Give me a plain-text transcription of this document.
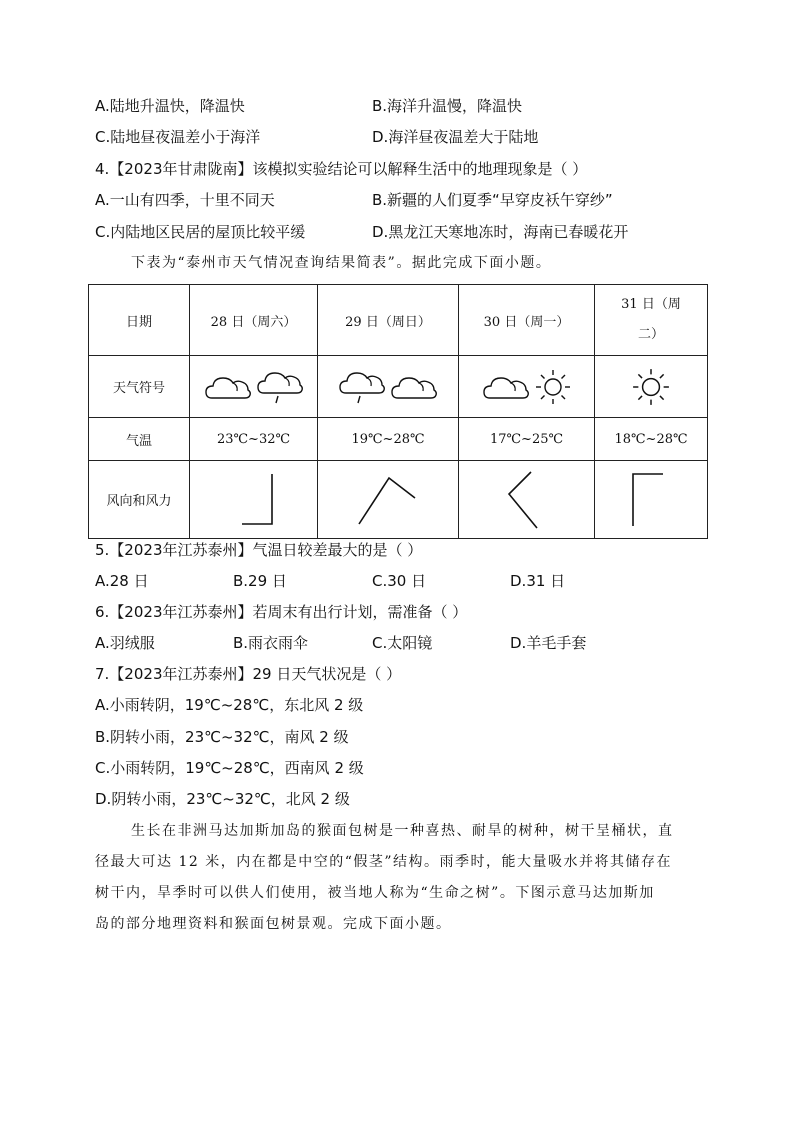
A.陆地升温快，降温快	B.海洋升温慢，降温快
C.陆地昼夜温差小于海洋	D.海洋昼夜温差大于陆地
4.【2023年甘肃陇南】该模拟实验结论可以解释生活中的地理现象是（ ）
A.一山有四季，十里不同天	B.新疆的人们夏季“早穿皮袄午穿纱”
C.内陆地区民居的屋顶比较平缓	D.黑龙江天寒地冻时，海南已春暖花开
下表为“泰州市天气情况查询结果简表”。据此完成下面小题。
日期	28 日（周六）	29 日（周日）	30 日（周一）	31 日（周
二）

天气符号	

气温	23℃~32℃	19℃~28℃	17℃~25℃	18℃~28℃
风向和风力	

5.【2023年江苏泰州】气温日较差最大的是（ ）
A.28 日	B.29 日	C.30 日	D.31 日
6.【2023年江苏泰州】若周末有出行计划，需准备（ ）
A.羽绒服	B.雨衣雨伞	C.太阳镜	D.羊毛手套
7.【2023年江苏泰州】29 日天气状况是（ ）
A.小雨转阴，19℃~28℃，东北风 2 级
B.阴转小雨，23℃~32℃，南风 2 级
C.小雨转阴，19℃~28℃，西南风 2 级
D.阴转小雨，23℃~32℃，北风 2 级
生长在非洲马达加斯加岛的猴面包树是一种喜热、耐旱的树种，树干呈桶状，直
径最大可达 12 米，内在都是中空的“假茎”结构。雨季时，能大量吸水并将其储存在
树干内，旱季时可以供人们使用，被当地人称为“生命之树”。下图示意马达加斯加
岛的部分地理资料和猴面包树景观。完成下面小题。
